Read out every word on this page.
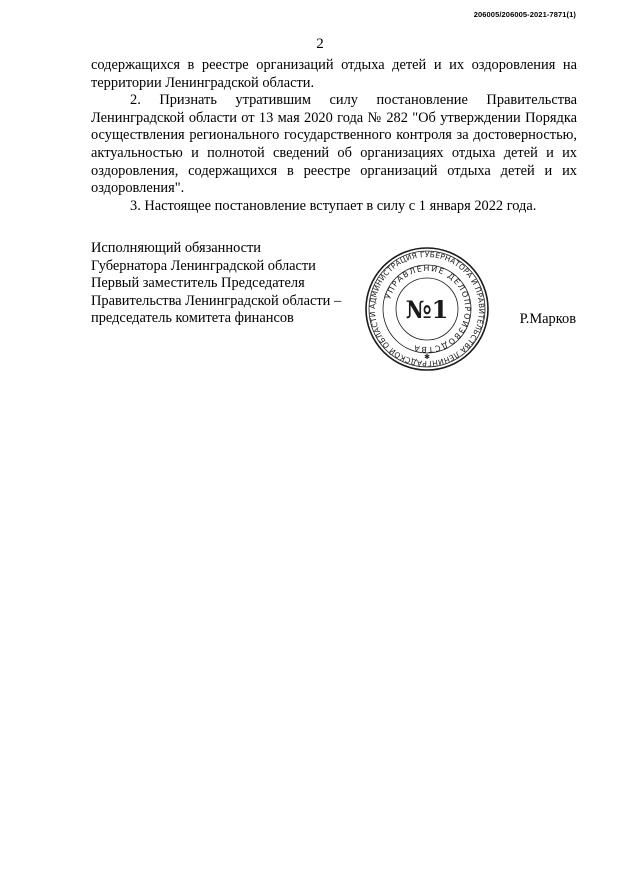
206005/206005-2021-7871(1)
2

содержащихся в реестре организаций отдыха детей и их оздоровления на территории Ленинградской области.

2. Признать утратившим силу постановление Правительства Ленинградской области от 13 мая 2020 года № 282 "Об утверждении Порядка осуществления регионального государственного контроля за достоверностью, актуальностью и полнотой сведений об организациях отдыха детей и их оздоровления, содержащихся в реестре организаций отдыха детей и их оздоровления".

3. Настоящее постановление вступает в силу с 1 января 2022 года.

Исполняющий обязанности
Губернатора Ленинградской области
Первый заместитель Председателя
Правительства Ленинградской области –
председатель комитета финансов
АДМИНИСТРАЦИЯ ГУБЕРНАТОРА И ПРАВИТЕЛЬСТВА ЛЕНИНГРАДСКОЙ ОБЛАСТИ
УПРАВЛЕНИЕ ДЕЛОПРОИЗВОДСТВА
№1
✱
Р.Марков
